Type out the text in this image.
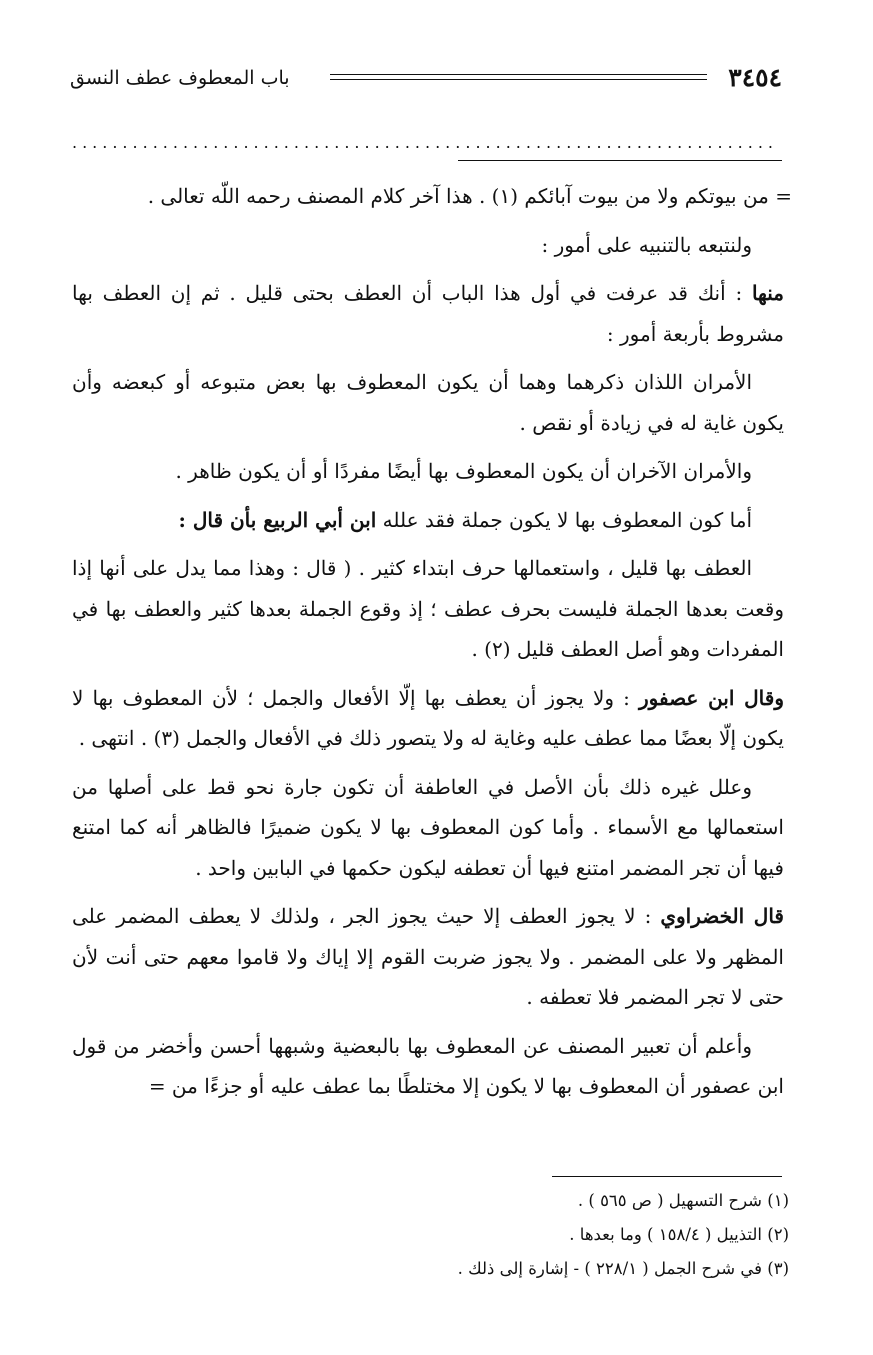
٣٤٥٤
باب المعطوف عطف النسق
......................................................................

= من بيوتكم ولا من بيوت آبائكم (١) . هذا آخر كلام المصنف رحمه اللّه تعالى .

ولنتبعه بالتنبيه على أمور :

منها : أنك قد عرفت في أول هذا الباب أن العطف بحتى قليل . ثم إن العطف بها مشروط بأربعة أمور :

الأمران اللذان ذكرهما وهما أن يكون المعطوف بها بعض متبوعه أو كبعضه وأن يكون غاية له في زيادة أو نقص .

والأمران الآخران أن يكون المعطوف بها أيضًا مفردًا أو أن يكون ظاهر .

أما كون المعطوف بها لا يكون جملة فقد علله ابن أبي الربيع بأن قال :

العطف بها قليل ، واستعمالها حرف ابتداء كثير . ( قال : وهذا مما يدل على أنها إذا وقعت بعدها الجملة فليست بحرف عطف ؛ إذ وقوع الجملة بعدها كثير والعطف بها في المفردات وهو أصل العطف قليل (٢) .

وقال ابن عصفور : ولا يجوز أن يعطف بها إلّا الأفعال والجمل ؛ لأن المعطوف بها لا يكون إلّا بعضًا مما عطف عليه وغاية له ولا يتصور ذلك في الأفعال والجمل (٣) . انتهى .

وعلل غيره ذلك بأن الأصل في العاطفة أن تكون جارة نحو قط على أصلها من استعمالها مع الأسماء . وأما كون المعطوف بها لا يكون ضميرًا فالظاهر أنه كما امتنع فيها أن تجر المضمر امتنع فيها أن تعطفه ليكون حكمها في البابين واحد .

قال الخضراوي : لا يجوز العطف إلا حيث يجوز الجر ، ولذلك لا يعطف المضمر على المظهر ولا على المضمر . ولا يجوز ضربت القوم إلا إياك ولا قاموا معهم حتى أنت لأن حتى لا تجر المضمر فلا تعطفه .

وأعلم أن تعبير المصنف عن المعطوف بها بالبعضية وشبهها أحسن وأخضر من قول ابن عصفور أن المعطوف بها لا يكون إلا مختلطًا بما عطف عليه أو جزءًا من =

(١) شرح التسهيل ( ص ٥٦٥ ) .
(٢) التذييل ( ١٥٨/٤ ) وما بعدها .
(٣) في شرح الجمل ( ٢٢٨/١ ) - إشارة إلى ذلك .
